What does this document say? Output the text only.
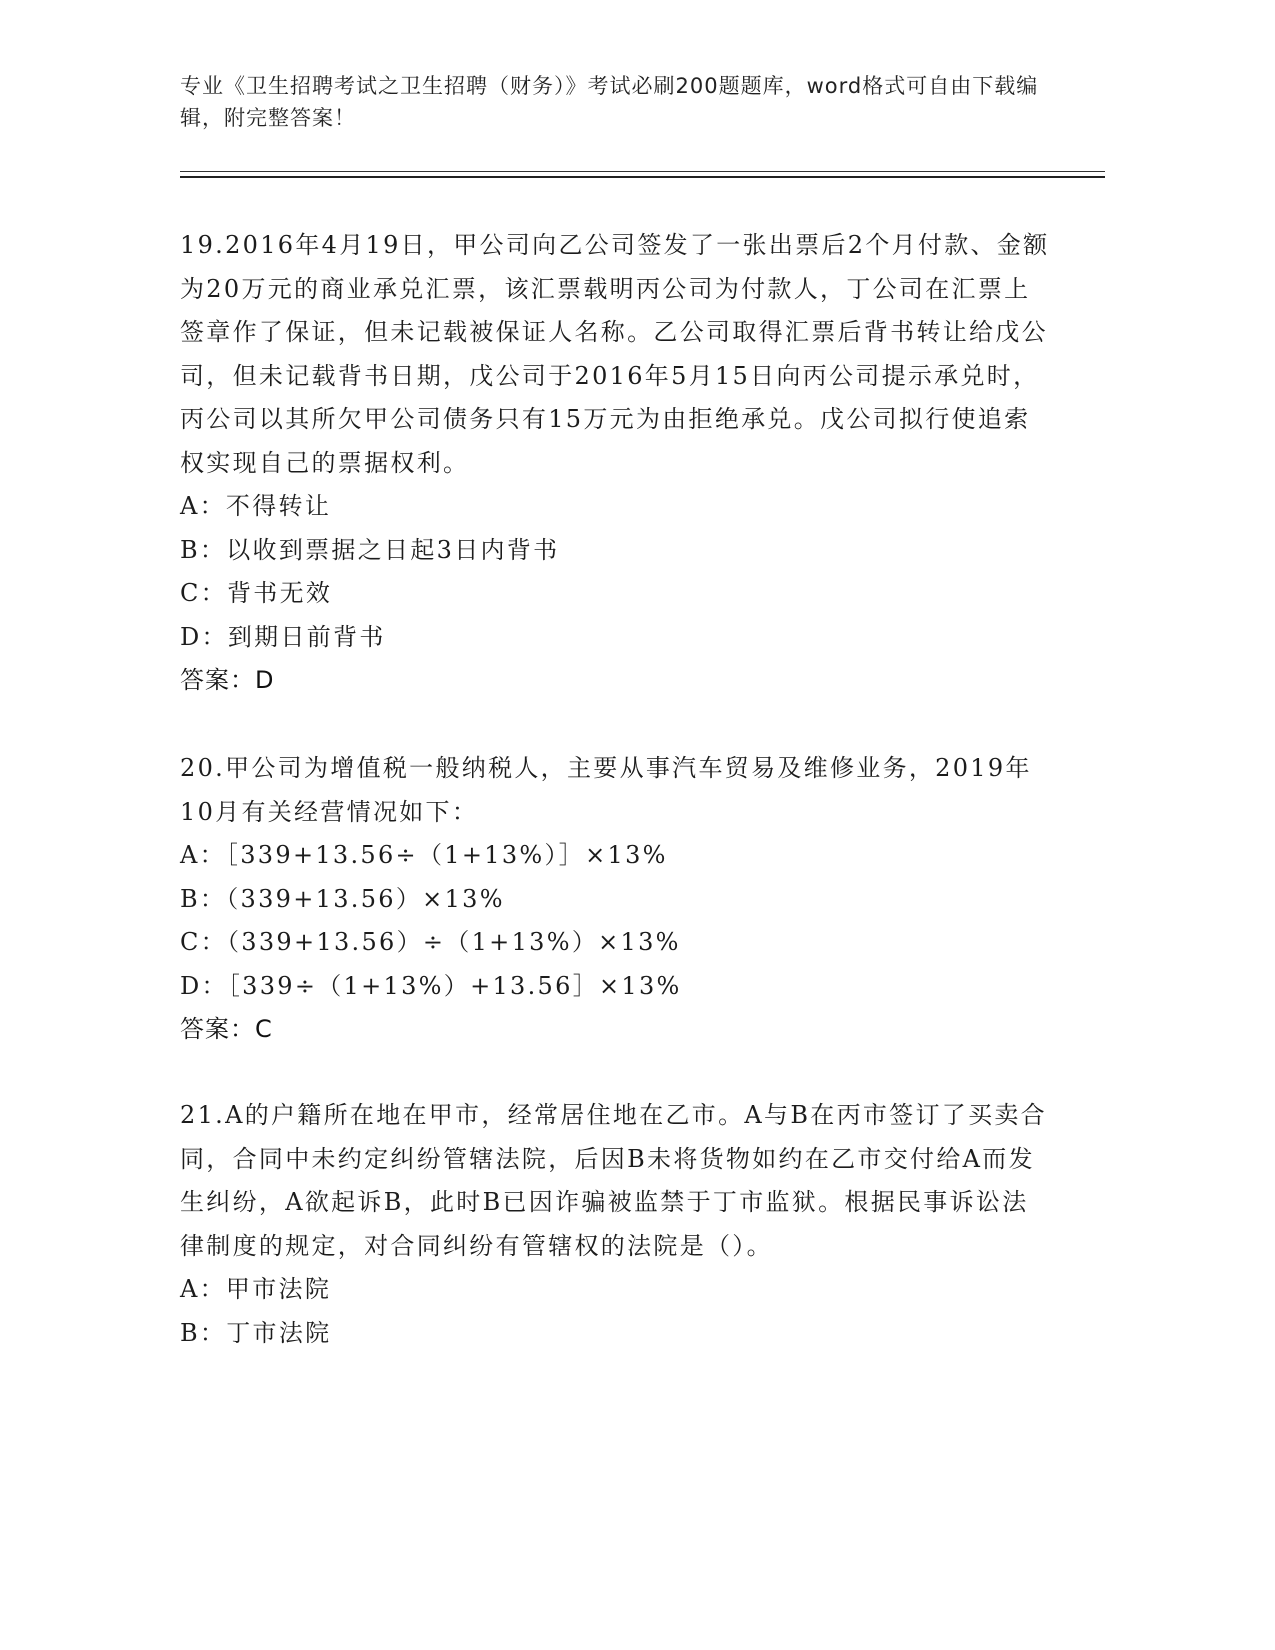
专业《卫生招聘考试之卫生招聘（财务）》考试必刷200题题库，word格式可自由下载编辑，附完整答案！

19.2016年4月19日，甲公司向乙公司签发了一张出票后2个月付款、金额为20万元的商业承兑汇票，该汇票载明丙公司为付款人，丁公司在汇票上签章作了保证，但未记载被保证人名称。乙公司取得汇票后背书转让给戊公司，但未记载背书日期，戊公司于2016年5月15日向丙公司提示承兑时，丙公司以其所欠甲公司债务只有15万元为由拒绝承兑。戊公司拟行使追索权实现自己的票据权利。

A：不得转让

B：以收到票据之日起3日内背书

C：背书无效

D：到期日前背书

答案：D

20.甲公司为增值税一般纳税人，主要从事汽车贸易及维修业务，2019年10月有关经营情况如下：

A：［339+13.56÷（1+13%）］×13%

B：（339+13.56）×13%

C：（339+13.56）÷（1+13%）×13%

D：［339÷（1+13%）+13.56］×13%

答案：C

21.A的户籍所在地在甲市，经常居住地在乙市。A与B在丙市签订了买卖合同，合同中未约定纠纷管辖法院，后因B未将货物如约在乙市交付给A而发生纠纷，A欲起诉B，此时B已因诈骗被监禁于丁市监狱。根据民事诉讼法律制度的规定，对合同纠纷有管辖权的法院是（）。

A：甲市法院

B：丁市法院
